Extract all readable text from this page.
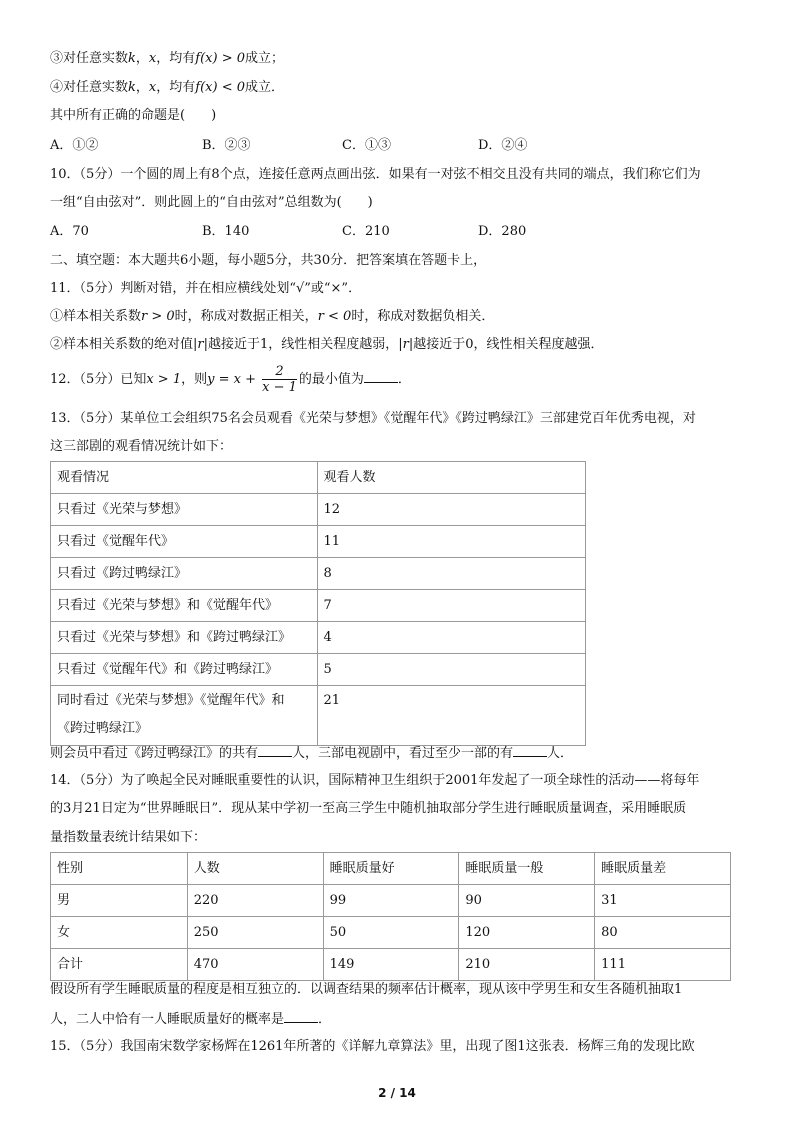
③对任意实数k，x，均有f(x) > 0成立；
④对任意实数k，x，均有f(x) < 0成立．
其中所有正确的命题是(　　)
A．①②	B．②③	C．①③	D．②④
10．（5分）一个圆的周上有8个点，连接任意两点画出弦．如果有一对弦不相交且没有共同的端点，我们称它们为
一组“自由弦对”．则此圆上的“自由弦对”总组数为(　　)
A．70	B．140	C．210	D．280
二、填空题：本大题共6小题，每小题5分，共30分．把答案填在答题卡上，
11．（5分）判断对错，并在相应横线处划“√”或“×”．
①样本相关系数r > 0时，称成对数据正相关，r < 0时，称成对数据负相关．
②样本相关系数的绝对值|r|越接近于1，线性相关程度越弱，|r|越接近于0，线性相关程度越强．
12．（5分）已知x > 1，则$y = x + \frac{2}{x - 1}$ 的最小值为	．
13．（5分）某单位工会组织75名会员观看《光荣与梦想》《觉醒年代》《跨过鸭绿江》三部建党百年优秀电视，对
这三部剧的观看情况统计如下：
观看情况	观看人数
只看过《光荣与梦想》	12
只看过《觉醒年代》	11
只看过《跨过鸭绿江》	8
只看过《光荣与梦想》和《觉醒年代》	7
只看过《光荣与梦想》和《跨过鸭绿江》	4
只看过《觉醒年代》和《跨过鸭绿江》	5

同时看过《光荣与梦想》《觉醒年代》和
《跨过鸭绿江》	21
则会员中看过《跨过鸭绿江》的共有	人，三部电视剧中，看过至少一部的有	人．
14．（5分）为了唤起全民对睡眠重要性的认识，国际精神卫生组织于2001年发起了一项全球性的活动——将每年
的3月21日定为“世界睡眠日”．现从某中学初一至高三学生中随机抽取部分学生进行睡眠质量调查，采用睡眠质
量指数量表统计结果如下：
性别	人数	睡眠质量好	睡眠质量一般	睡眠质量差
男	220	99	90	31
女	250	50	120	80
合计	470	149	210	111
假设所有学生睡眠质量的程度是相互独立的．以调查结果的频率估计概率，现从该中学男生和女生各随机抽取1
人，二人中恰有一人睡眠质量好的概率是	．
15．（5分）我国南宋数学家杨辉在1261年所著的《详解九章算法》里，出现了图1这张表．杨辉三角的发现比欧
2 / 14
